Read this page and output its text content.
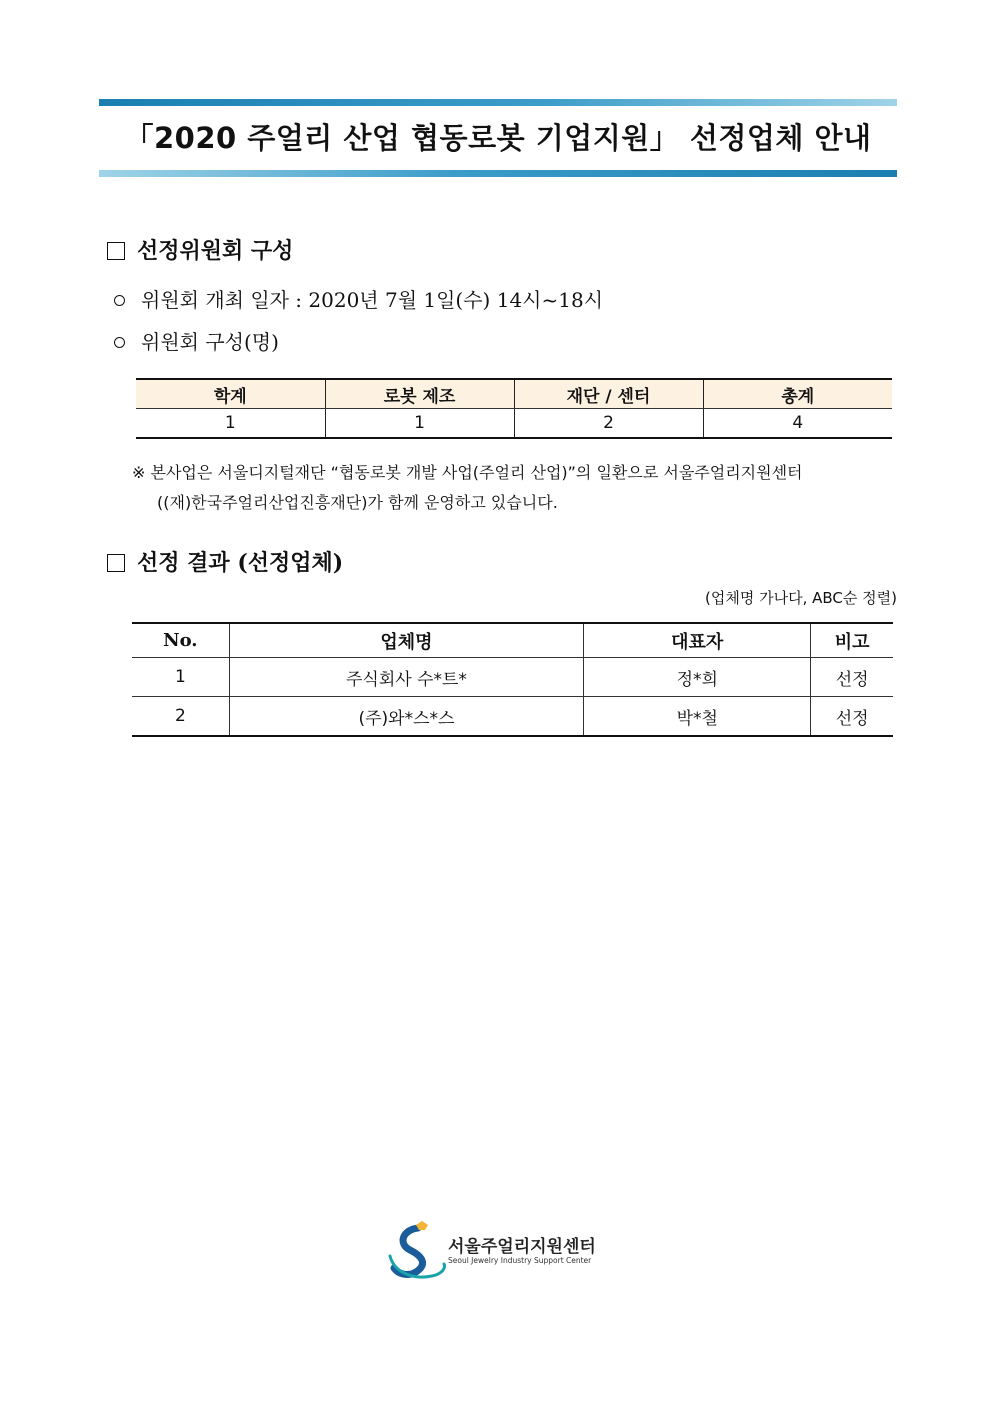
「2020 주얼리 산업 협동로봇 기업지원」 선정업체 안내
선정위원회 구성
위원회 개최 일자 : 2020년 7월 1일(수) 14시~18시
위원회 구성(명)
학계	로봇 제조	재단 / 센터	총계
1	1	2	4
※ 본사업은 서울디지털재단 “협동로봇 개발 사업(주얼리 산업)”의 일환으로 서울주얼리지원센터
((재)한국주얼리산업진흥재단)가 함께 운영하고 있습니다.
선정 결과 (선정업체)
(업체명 가나다, ABC순 정렬)
No.	업체명	대표자	비고
1	주식회사 수*트*	정*희	선정
2	(주)와*스*스	박*철	선정
서울주얼리지원센터
Seoul Jewelry Industry Support Center
